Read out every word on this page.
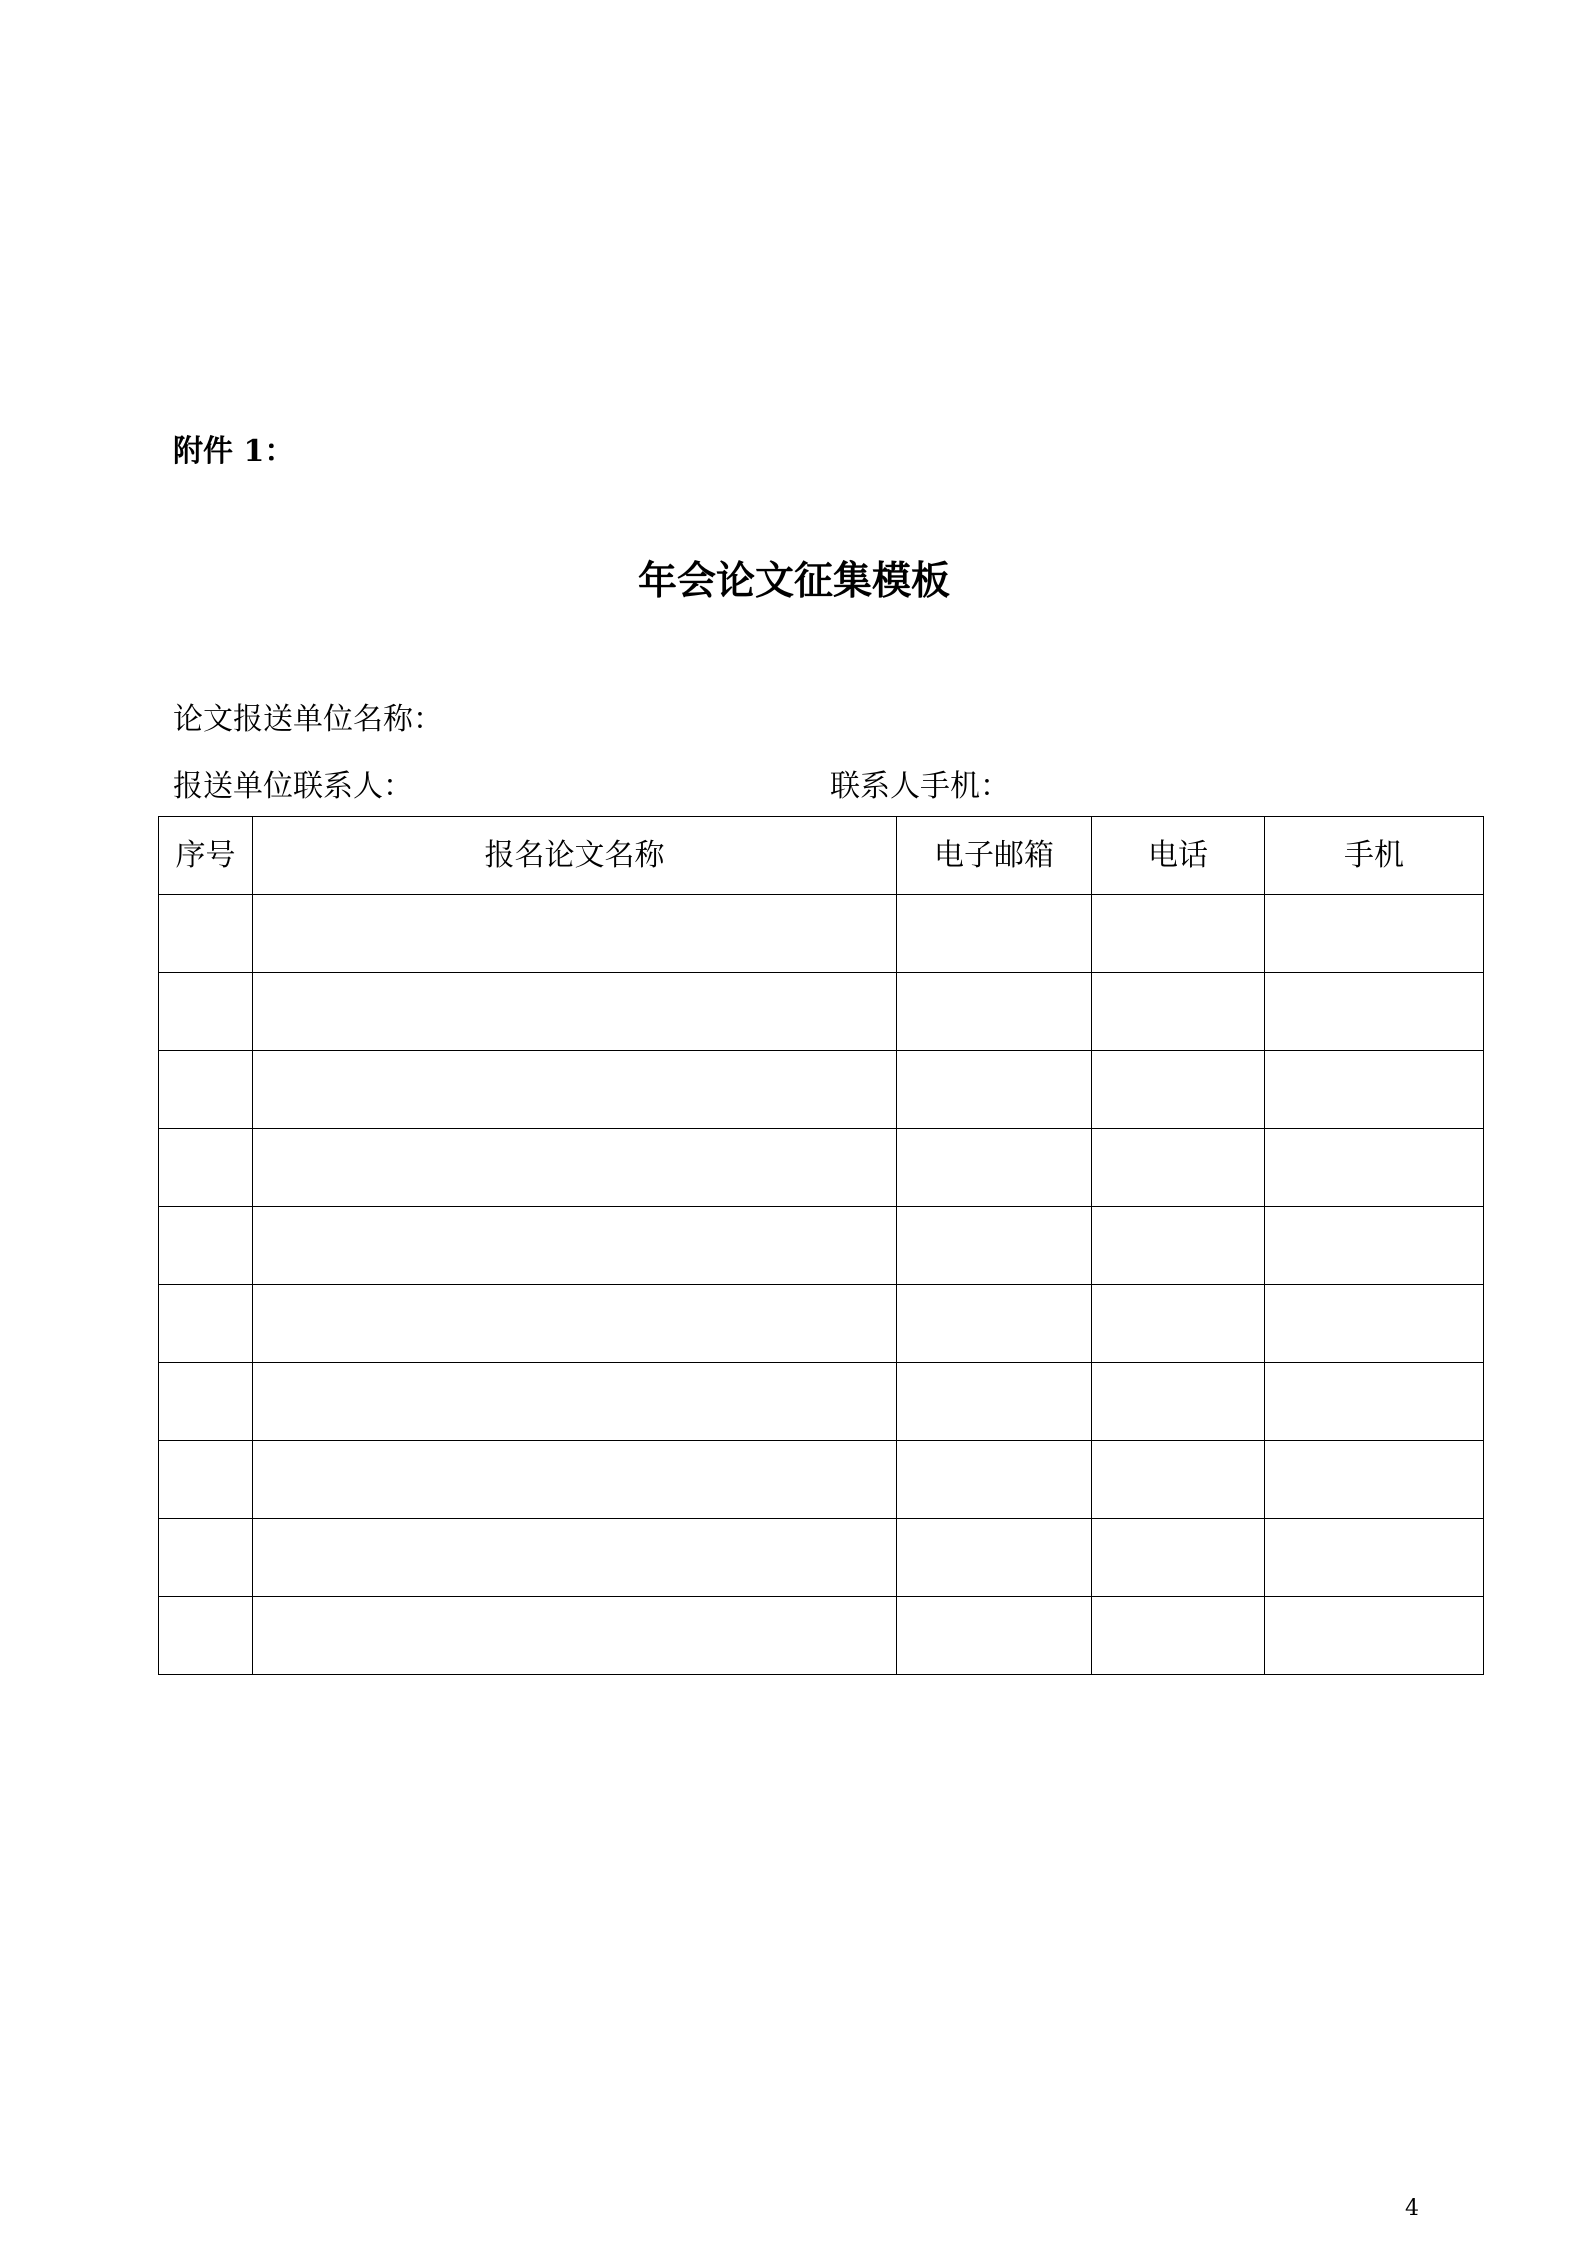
附件 1：
年会论文征集模板
论文报送单位名称：
报送单位联系人：	联系人手机：
序号	报名论文名称	电子邮箱	电话	手机

4
